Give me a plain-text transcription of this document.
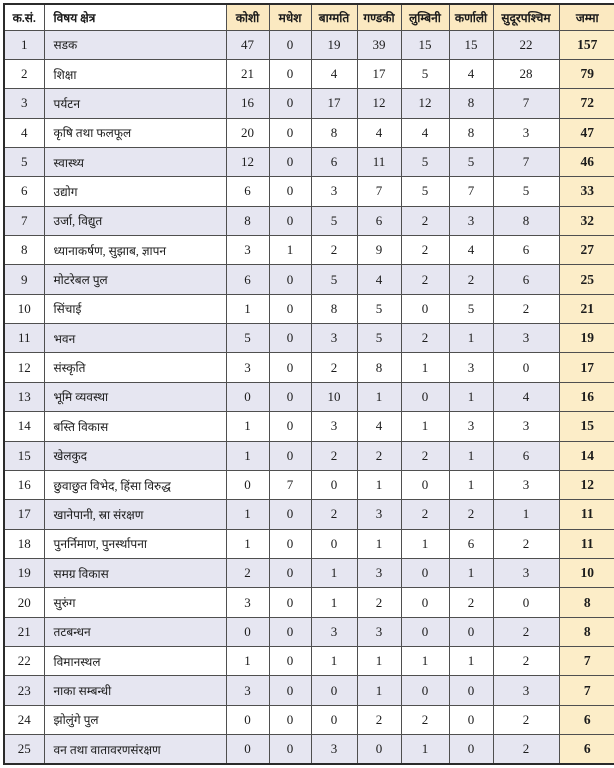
क.सं.	विषय क्षेत्र	कोशी	मधेश	बाग्मति	गण्डकी	लुम्बिनी	कर्णाली	सुदूरपश्चिम	जम्मा
1	सडक	47	0	19	39	15	15	22	157
2	शिक्षा	21	0	4	17	5	4	28	79
3	पर्यटन	16	0	17	12	12	8	7	72
4	कृषि तथा फलफूल	20	0	8	4	4	8	3	47
5	स्वास्थ्य	12	0	6	11	5	5	7	46
6	उद्योग	6	0	3	7	5	7	5	33
7	उर्जा, विद्युत	8	0	5	6	2	3	8	32
8	ध्यानाकर्षण, सुझाब, ज्ञापन	3	1	2	9	2	4	6	27
9	मोटरेबल पुल	6	0	5	4	2	2	6	25
10	सिंचाई	1	0	8	5	0	5	2	21
11	भवन	5	0	3	5	2	1	3	19
12	संस्कृति	3	0	2	8	1	3	0	17
13	भूमि व्यवस्था	0	0	10	1	0	1	4	16
14	बस्ति विकास	1	0	3	4	1	3	3	15
15	खेलकुद	1	0	2	2	2	1	6	14
16	छुवाछुत विभेद, हिंसा विरुद्ध	0	7	0	1	0	1	3	12
17	खानेपानी, स्रा संरक्षण	1	0	2	3	2	2	1	11
18	पुनर्निमाण, पुनर्स्थापना	1	0	0	1	1	6	2	11
19	समग्र विकास	2	0	1	3	0	1	3	10
20	सुरुंग	3	0	1	2	0	2	0	8
21	तटबन्धन	0	0	3	3	0	0	2	8
22	विमानस्थल	1	0	1	1	1	1	2	7
23	नाका सम्बन्धी	3	0	0	1	0	0	3	7
24	झोलुंगे पुल	0	0	0	2	2	0	2	6
25	वन तथा वातावरणसंरक्षण	0	0	3	0	1	0	2	6
